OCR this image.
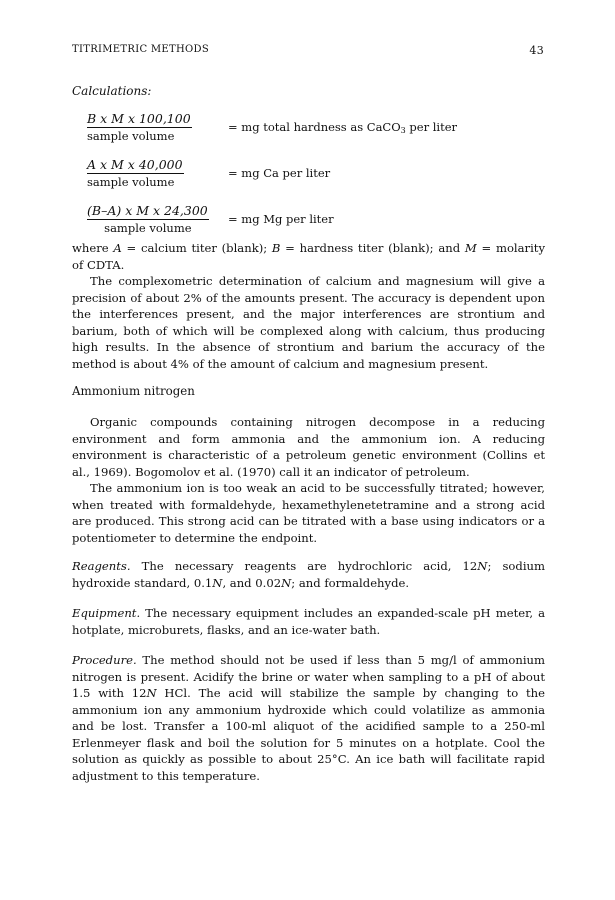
TITRIMETRIC METHODS	43
Calculations:
B x M x 100,100
sample volume
= mg total hardness as CaCO$_3$ per liter
A x M x 40,000
sample volume
= mg Ca per liter
(B–A) x M x 24,300
sample volume
= mg Mg per liter

where A = calcium titer (blank); B = hardness titer (blank); and M = molarity of CDTA.

The complexometric determination of calcium and magnesium will give a precision of about 2% of the amounts present. The accuracy is dependent upon the interferences present, and the major interferences are strontium and barium, both of which will be complexed along with calcium, thus producing high results. In the absence of strontium and barium the accuracy of the method is about 4% of the amount of calcium and magnesium present.

Ammonium nitrogen

Organic compounds containing nitrogen decompose in a reducing environment and form ammonia and the ammonium ion. A reducing environment is characteristic of a petroleum genetic environment (Collins et al., 1969). Bogomolov et al. (1970) call it an indicator of petroleum.

The ammonium ion is too weak an acid to be successfully titrated; however, when treated with formaldehyde, hexamethylenetetramine and a strong acid are produced. This strong acid can be titrated with a base using indicators or a potentiometer to determine the endpoint.

Reagents. The necessary reagents are hydrochloric acid, 12N; sodium hydroxide standard, 0.1N, and 0.02N; and formaldehyde.

Equipment. The necessary equipment includes an expanded-scale pH meter, a hotplate, microburets, flasks, and an ice-water bath.

Procedure. The method should not be used if less than 5 mg/l of ammonium nitrogen is present. Acidify the brine or water when sampling to a pH of about 1.5 with 12N HCl. The acid will stabilize the sample by changing to the ammonium ion any ammonium hydroxide which could volatilize as ammonia and be lost. Transfer a 100-ml aliquot of the acidified sample to a 250-ml Erlenmeyer flask and boil the solution for 5 minutes on a hotplate. Cool the solution as quickly as possible to about 25°C. An ice bath will facilitate rapid adjustment to this temperature.
